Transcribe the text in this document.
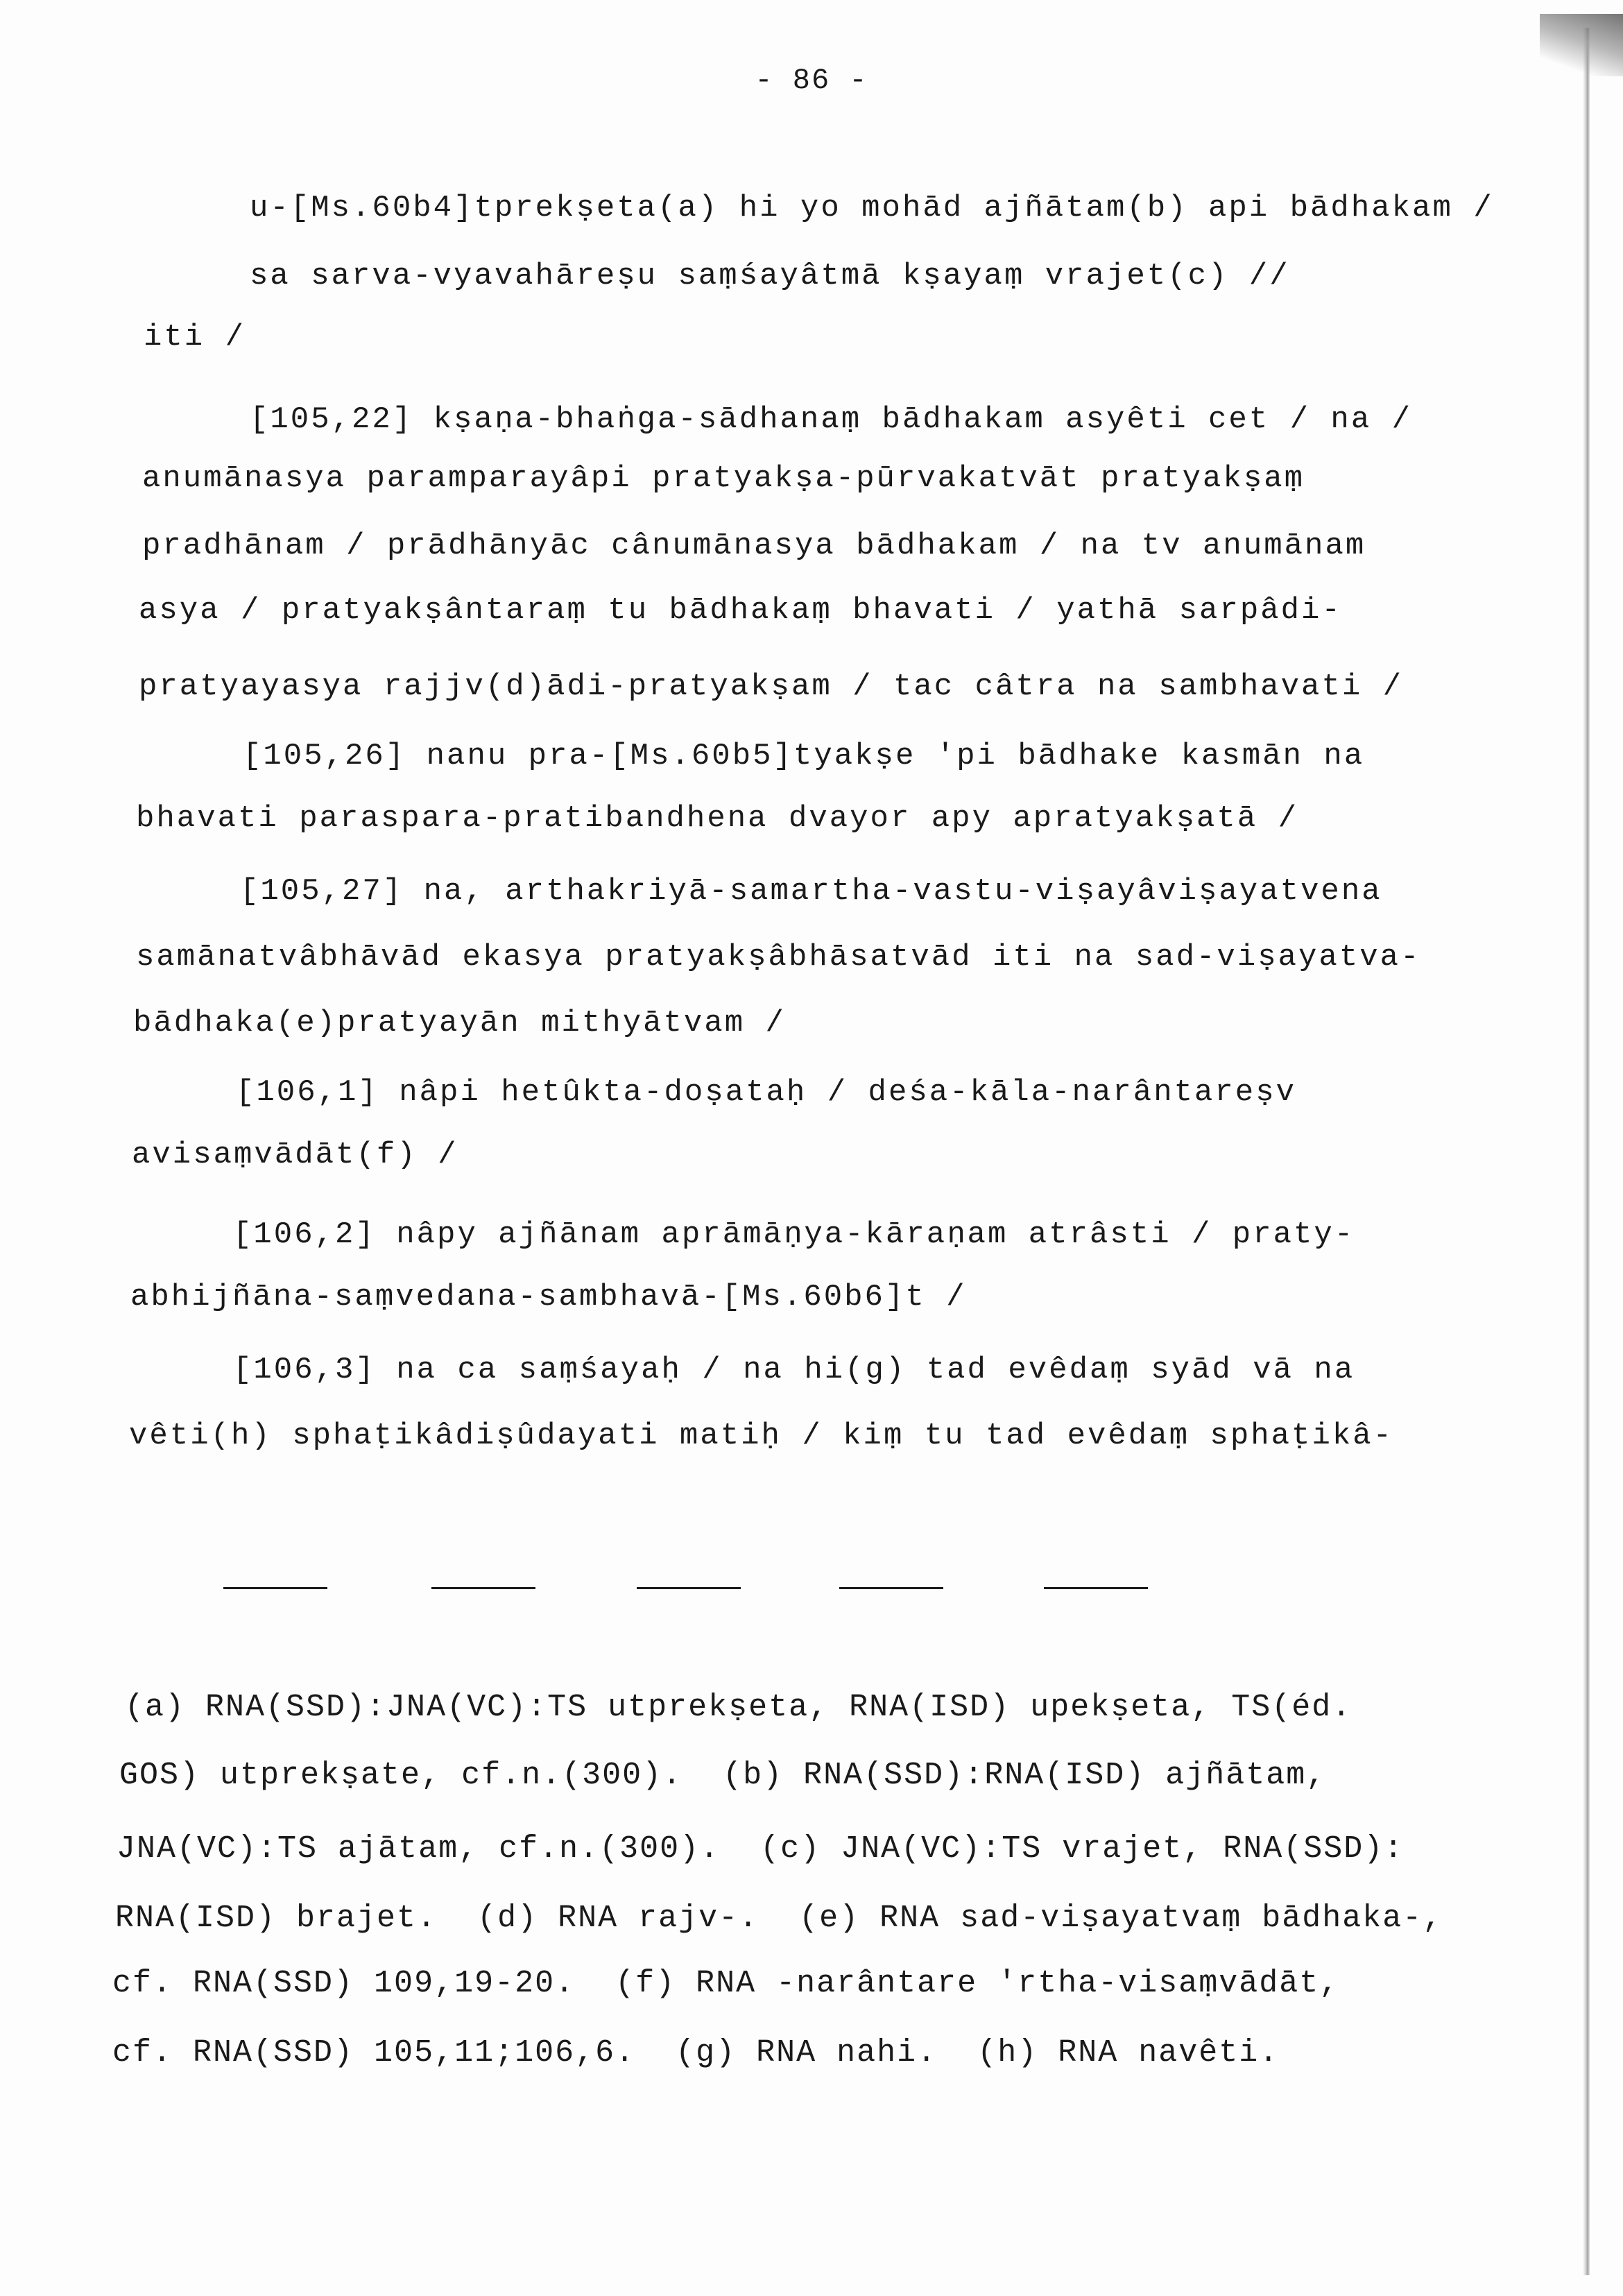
- 86 -
u-[Ms.60b4]tprekṣeta(a) hi yo mohād ajñātam(b) api bādhakam /
sa sarva-vyavahāreṣu saṃśayâtmā kṣayaṃ vrajet(c) //
iti /
[105,22] kṣaṇa-bhaṅga-sādhanaṃ bādhakam asyêti cet / na /
anumānasya paramparayâpi pratyakṣa-pūrvakatvāt pratyakṣaṃ
pradhānam / prādhānyāc cânumānasya bādhakam / na tv anumānam
asya / pratyakṣântaraṃ tu bādhakaṃ bhavati / yathā sarpâdi-
pratyayasya rajjv(d)ādi-pratyakṣam / tac câtra na sambhavati /
[105,26] nanu pra-[Ms.60b5]tyakṣe 'pi bādhake kasmān na
bhavati paraspara-pratibandhena dvayor apy apratyakṣatā /
[105,27] na, arthakriyā-samartha-vastu-viṣayâviṣayatvena
samānatvâbhāvād ekasya pratyakṣâbhāsatvād iti na sad-viṣayatva-
bādhaka(e)pratyayān mithyātvam /
[106,1] nâpi hetûkta-doṣataḥ / deśa-kāla-narântareṣv
avisaṃvādāt(f) /
[106,2] nâpy ajñānam aprāmāṇya-kāraṇam atrâsti / praty-
abhijñāna-saṃvedana-sambhavā-[Ms.60b6]t /
[106,3] na ca saṃśayaḥ / na hi(g) tad evêdaṃ syād vā na
vêti(h) sphaṭikâdiṣûdayati matiḥ / kiṃ tu tad evêdaṃ sphaṭikâ-
(a) RNA(SSD):JNA(VC):TS utprekṣeta, RNA(ISD) upekṣeta, TS(éd.
GOS) utprekṣate, cf.n.(300).  (b) RNA(SSD):RNA(ISD) ajñātam,
JNA(VC):TS ajātam, cf.n.(300).  (c) JNA(VC):TS vrajet, RNA(SSD):
RNA(ISD) brajet.  (d) RNA rajv-.  (e) RNA sad-viṣayatvaṃ bādhaka-,
cf. RNA(SSD) 109,19-20.  (f) RNA -narântare 'rtha-visaṃvādāt,
cf. RNA(SSD) 105,11;106,6.  (g) RNA nahi.  (h) RNA navêti.
